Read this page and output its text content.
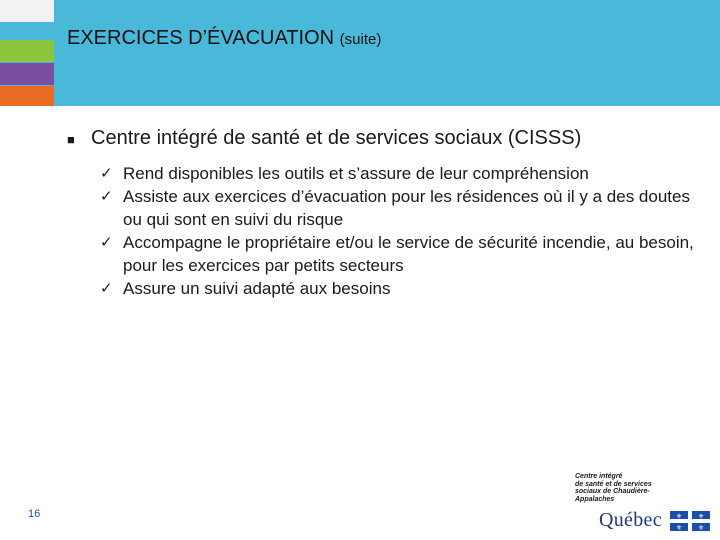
EXERCICES D’ÉVACUATION (suite)
■ Centre intégré de santé et de services sociaux (CISSS)
✓ Rend disponibles les outils et s’assure de leur compréhension
✓ Assiste aux exercices d’évacuation pour les résidences où il y a des doutes ou qui sont en suivi du risque
✓ Accompagne le propriétaire et/ou le service de sécurité incendie, au besoin, pour les exercices par petits secteurs
✓ Assure un suivi adapté aux besoins
16
Centre intégré
de santé et de services
sociaux de Chaudière-
Appalaches
Québec ⚜ ⚜
⚜ ⚜
